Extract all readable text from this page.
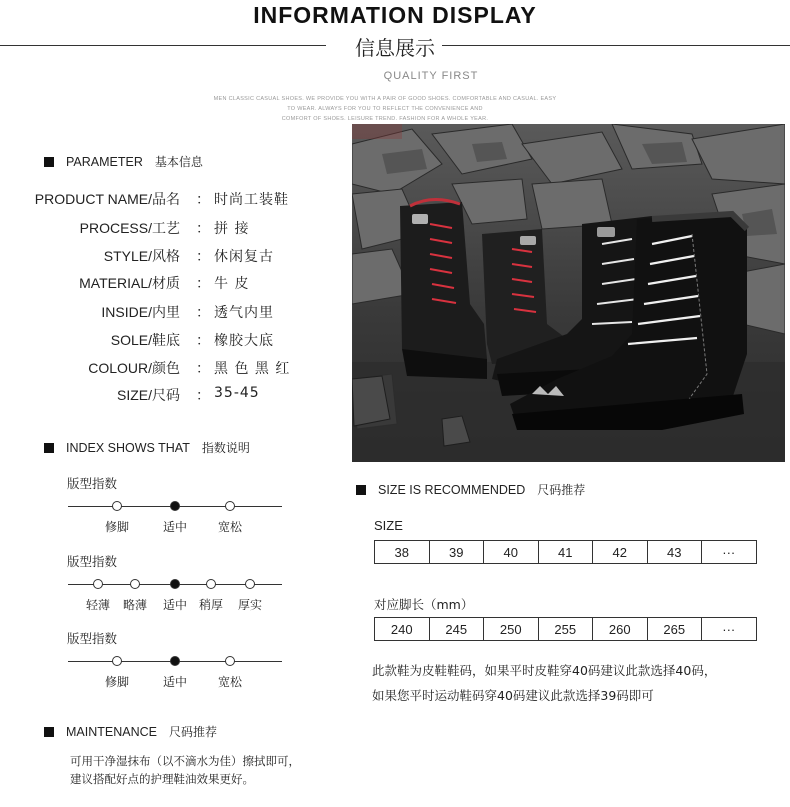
INFORMATION DISPLAY
信息展示
QUALITY FIRST
MEN CLASSIC CASUAL SHOES. WE PROVIDE YOU WITH A PAIR OF GOOD SHOES. COMFORTABLE AND CASUAL. EASY
TO WEAR. ALWAYS FOR YOU TO REFLECT THE CONVENIENCE AND
COMFORT OF SHOES. LEISURE TREND. FASHION FOR A WHOLE YEAR.
PARAMETER 基本信息
PRODUCT NAME/品名 ： 时尚工装鞋
PROCESS/工艺 ： 拼 接
STYLE/风格 ： 休闲复古
MATERIAL/材质 ： 牛 皮
INSIDE/内里 ： 透气内里
SOLE/鞋底 ： 橡胶大底
COLOUR/颜色 ： 黑 色 黑 红
SIZE/尺码 ： 35-45
INDEX SHOWS THAT 指数说明
版型指数
修脚	适中	宽松
版型指数
轻薄 略薄 适中 稍厚 厚实
版型指数
修脚	适中	宽松
MAINTENANCE 尺码推荐
可用干净湿抹布（以不滴水为佳）擦拭即可，
建议搭配好点的护理鞋油效果更好。
SIZE IS RECOMMENDED 尺码推荐
SIZE
38	39	40	41	42	43	···
对应脚长（mm）
240	245	250	255	260	265	···
此款鞋为皮鞋鞋码，如果平时皮鞋穿40码建议此款选择40码，
如果您平时运动鞋码穿40码建议此款选择39码即可
